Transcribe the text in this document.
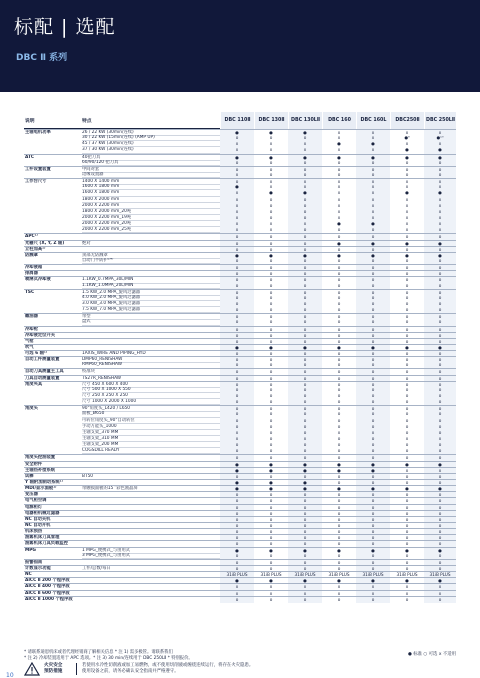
标配 | 选配
DBC Ⅱ 系列
说明	特点	DBC 110Ⅱ	DBC 130Ⅱ	DBC 130LⅡ	DBC 160	DBC 160L	DBC250Ⅱ	DBC 250LⅡ
主轴电机功率	26 / 22 KW (30min/连续)	●	●	●	x	x	x	x
30 / 22 KW (15min/连续) (AMP UP)	o	o	o	x	x	●⁹	●¹⁰
45 / 37 KW (30min/连续)	x	x	x	●	●	x	x
37 / 30 KW (30min/连续)	x	x	x	x	x	●	●
ATC	40把刀具	●	●	●	●	●	●	●
60/90/120 把刀具	o	o	o	o	o	o	o
工件设置装置	中间对套	o	o	o	o	o	o	o
边缘设置器	x	o	o	o	o	o	o
工作台尺寸	1400 X 1400 mm	o	x	x	x	x	x	x
1600 X 1800 mm	●	x	x	x	x	x	x
1600 X 1800 mm	x	●	●	x	x	●	●
1800 X 2000 mm	x	o	o	x	x	x	x
2000 X 2200 mm	x	o	o	x	x	x	x
1800 X 2000 mm_20吨	x	o	o	x	x	x	x
2000 X 2200 mm_19吨	x	o	o	x	x	x	x
2000 X 2200 mm_20吨	x	x	x	●	●	x	x
2000 X 2200 mm_25吨	x	x	o	o	o	x	x
APC¹⁾	o	o	o	o	o	o	o
光栅尺 (X, Y, Z 轴)	绝对	o	o	o	●	●	●	●
立柱加高¹⁾	o	o	o	o	o	o	o
防溅罩	顶部无防溅罩	●	●	●	●	●	●	●
自动门半防护³⁾⁴⁾	o	o	o	o	o	o	o
冷却液箱	o	o	o	o	o	o	o
排屑器	o	o	o	o	o	o	o
喷淋式冷却液	1.1KW_0.7MPA_30L/MIN	o	o	o	o	o	o	o
1.1KW_1.0MPA_20L/MIN	o	o	o	o	o	o	o
TSC	1.5 KW_2.0 MPA_旋风过滤器	o	o	o	o	o	o	o
4.0 KW_2.0 MPA_旋风过滤器	o	o	o	o	o	o	o
3.0 KW_3.0 MPA_旋风过滤器	o	o	o	o	o	o	o
7.5 KW_7.0 MPA_旋风过滤器	o	o	o	o	o	o	o
雕油器	带型	o	o	o	o	o	o	o
盘式	o	o	o	o	o	o	o
冷却枪	o	o	o	o	o	o	o
冷却液定位开关	o	o	o	o	o	o	o
气枪	o	o	o	o	o	o	o
吹气	●	●	●	●	●	●	●
可选 6 轴¹⁾	1AXIS_WIRE AND PIPING_HYD	o	o	o	o	o	o	o
自动工件测量装置	DMP60_RENISHAW	o	o	o	o	o	o	o
RMP60_RENISHAW	o	o	o	o	o	o	o
自动刀具测量主工具	校准块	o	o	o	o	o	o	o
刀具自动测量装置	TS27R_RENISHAW	o	o	o	o	o	o	o
角度夹具	尺寸 450 X 600 X 400	o	o	o	o	o	o	o
尺寸 500 X 1000 X 550	o	o	o	o	o	o	o
尺寸 250 X 250 X 250	o	o	o	o	o	o	o
尺寸 1000 X 2000 X 1000	o	o	o	o	o	o	o
角度头	90°角度头_L420 / L650	o	o	o	o	o	o	o
面板_Ø650	o	o	o	o	o	o	o
可转位角度头_90°自动转位	o	o	o	o	o	o	o
手动万能头_1000	o	o	o	o	o	o	o
主轴支架_370 MM	x	o	o	x	x	o	o
主轴支架_310 MM	x	o	x	o	o	x	x
主轴支架_200 MM	o	o	o	o	o	o	o
COGSDILL READY	o	o	o	o	o	o	o
角度头挖油装置	o	o	o	o	o	o	o
安全附件	●	●	●	●	●	●	●
主轴热补偿系统	●	●	●	●	●	x	x
试棒	BT50	o	o	o	o	o	o	o
Y 轴附加制动系统¹⁾	●	●	●	o	o	o	o
MDI/显示面板¹⁾	带触摸面板的15 ″彩色液晶屏	●	●	●	●	●	●	●
变压器	o	o	o	o	o	o	o
电气柜空调	o	o	o	o	o	o	o
电源柜灯	o	o	o	o	o	o	o
电器柜机械过滤器	o	o	o	o	o	o	o
NC 自动关机	o	o	o	o	o	o	o
NC 自动开机	o	o	o	o	o	o	o
机床预热	o	o	o	o	o	o	o
油雾机床刀具管理	o	o	o	o	o	o	o
油雾机床刀具负载监控	o	o	o	o	o	o	o
MPG	1 MPG_便携式_与由用式	●	●	●	●	●	●	●
3 MPG_便携式_与由用式	o	o	o	o	o	o	o
报警指南	o	o	o	o	o	o	o
计数显示功能	工件/总数/每日	o	o	o	o	o	o	o
NC	31iB PLUS	31iB PLUS	31iB PLUS	31iB PLUS	31iB PLUS	31iB PLUS	31iB PLUS
AICC Ⅱ 200 个程序段	●	●	●	●	●	●	●
AICC Ⅱ 400 个程序段	x	x	x	x	x	x	x
AICC Ⅱ 600 个程序段	x	x	x	x	x	x	x
AICC Ⅱ 1000 个程序段	o	o	o	o	o	o	o
* 请联系迪恩机床或者代理经销商了解相关信息 * 注 1) 需多极管。请联系我们
* 注 2) 冷却装置适用于 APC 选项。* 注 3) 30 min/连续用于 DBC 250LⅡ * 特别报价。
● 标准 ○ 可选 x 不适用
火灾安全
预防措施
若使用水冷性切削液或加工易燃物，或不使用切削液或缠绕连续运行，将存在火灾隐患。
使用设备之前，请务必确认安全指南并严格遵守。
10
